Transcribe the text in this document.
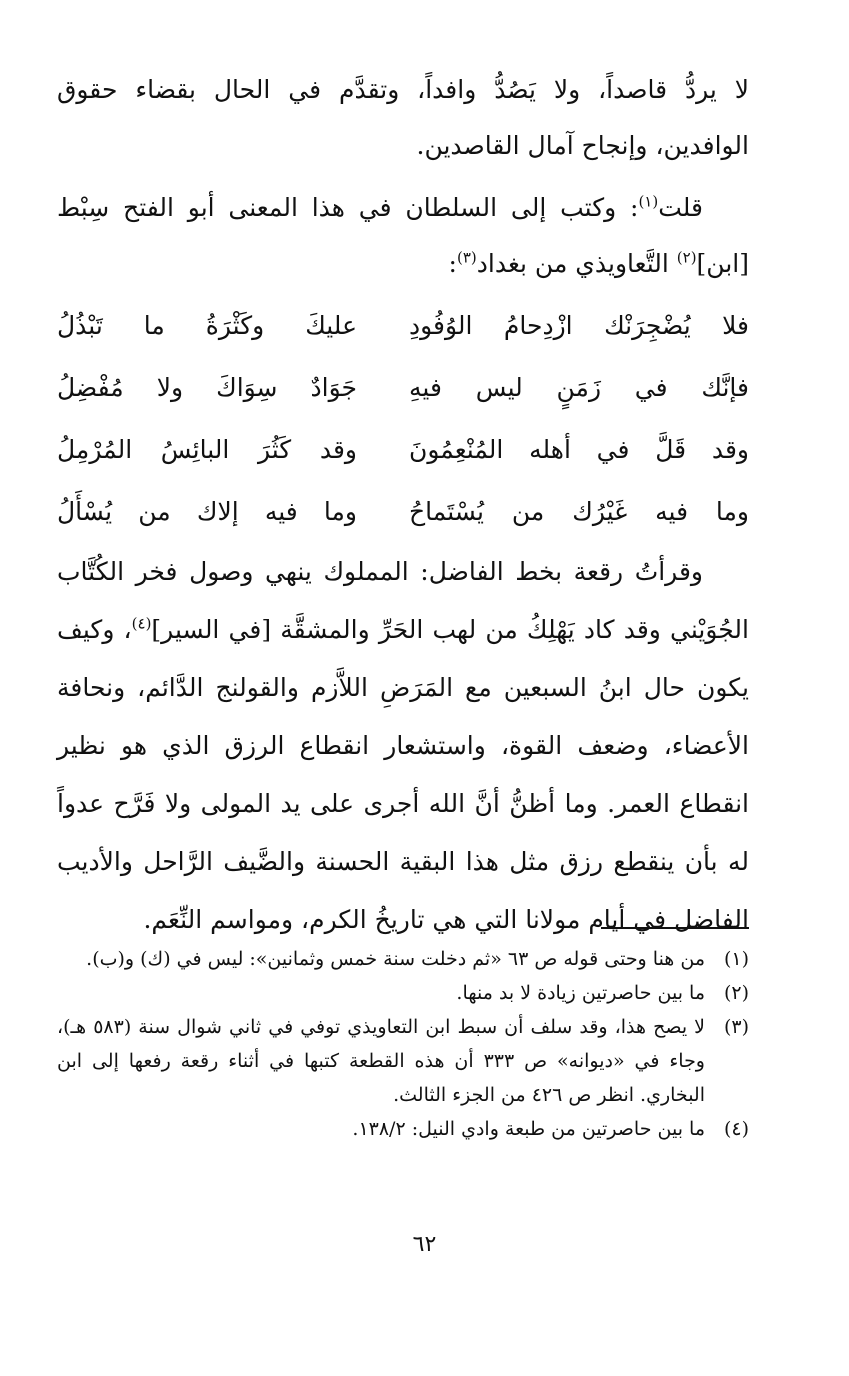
لا يردُّ قاصداً، ولا يَصُدُّ وافداً، وتقدَّم في الحال بقضاء حقوق الوافدين، وإنجاح آمال القاصدين.

قلت$^{(١)}$: وكتب إلى السلطان في هذا المعنى أبو الفتح سِبْط [ابن]$^{(٢)}$ التَّعاويذي من بغداد$^{(٣)}$:

فلا يُضْجِرَنْك ازْدِحامُ الوُفُودِ
عليكَ وكَثْرَةُ ما تَبْذُلُ
فإنَّك في زَمَنٍ ليس فيهِ
جَوَادٌ سِوَاكَ ولا مُفْضِلُ
وقد قَلَّ في أهله المُنْعِمُونَ
وقد كَثُرَ البائِسُ المُرْمِلُ
وما فيه غَيْرُك من يُسْتَماحُ
وما فيه إلاك من يُسْأَلُ

وقرأتُ رقعة بخط الفاضل: المملوك ينهي وصول فخر الكُتَّاب الجُوَيْني وقد كاد يَهْلِكُ من لهب الحَرِّ والمشقَّة [في السير]$^{(٤)}$، وكيف يكون حال ابنُ السبعين مع المَرَضِ اللاَّزم والقولنج الدَّائم، ونحافة الأعضاء، وضعف القوة، واستشعار انقطاع الرزق الذي هو نظير انقطاع العمر. وما أظنُّ أنَّ الله أجرى على يد المولى ولا فَرَّح عدواً له بأن ينقطع رزق مثل هذا البقية الحسنة والضَّيف الرَّاحل والأديب الفاضل في أيام مولانا التي هي تاريخُ الكرم، ومواسم النِّعَم.

(١)
من هنا وحتى قوله ص ٦٣ «ثم دخلت سنة خمس وثمانين»: ليس في (ك) و(ب).
(٢)
ما بين حاصرتين زيادة لا بد منها.
(٣)
لا يصح هذا، وقد سلف أن سبط ابن التعاويذي توفي في ثاني شوال سنة (٥٨٣ هـ)، وجاء في «ديوانه» ص ٣٣٣ أن هذه القطعة كتبها في أثناء رقعة رفعها إلى ابن البخاري. انظر ص ٤٢٦ من الجزء الثالث.
(٤)
ما بين حاصرتين من طبعة وادي النيل: ١٣٨/٢.
٦٢
